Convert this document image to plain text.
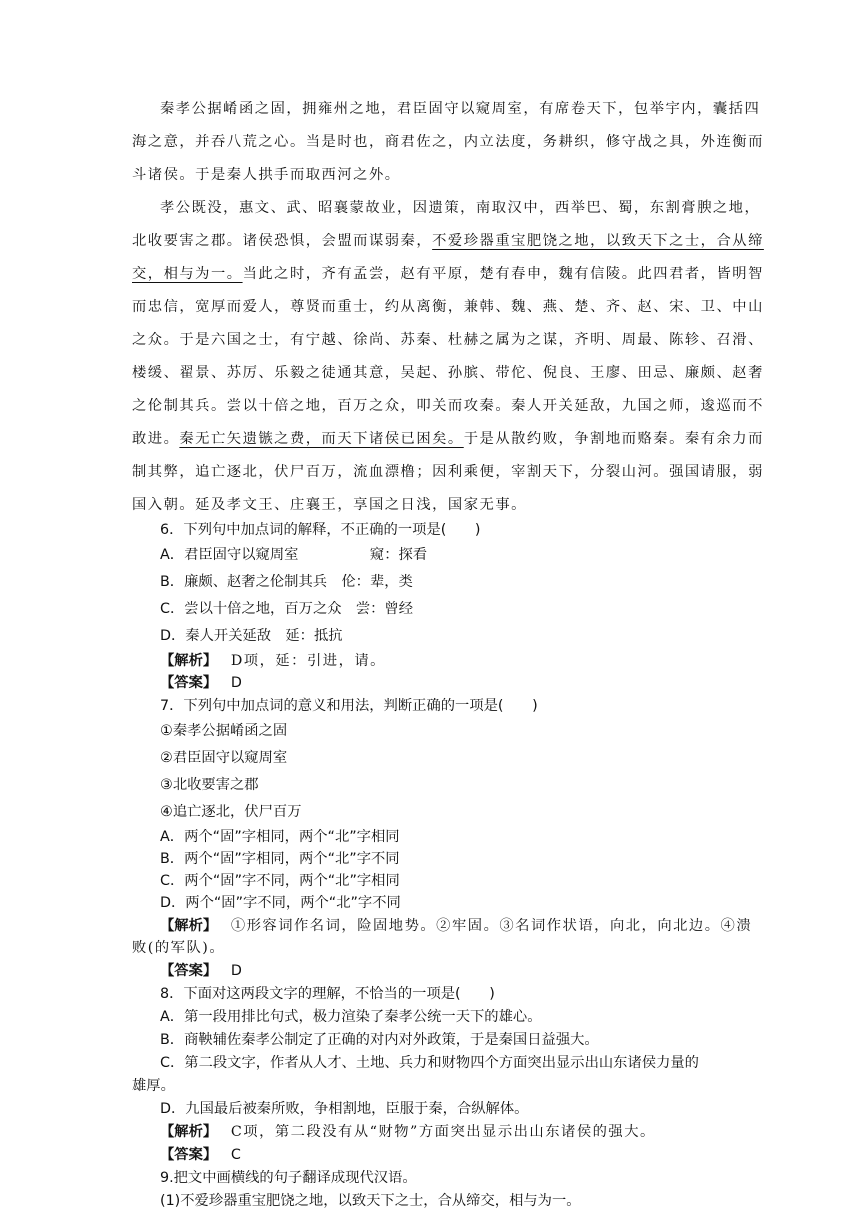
秦孝公据崤函之固，拥雍州之地，君臣固守以窥周室，有席卷天下，包举宇内，囊括四
海之意，并吞八荒之心。当是时也，商君佐之，内立法度，务耕织，修守战之具，外连衡而
斗诸侯。于是秦人拱手而取西河之外。
孝公既没，惠文、武、昭襄蒙故业，因遗策，南取汉中，西举巴、蜀，东割膏腴之地，
北收要害之郡。诸侯恐惧，会盟而谋弱秦，不爱珍器重宝肥饶之地，以致天下之士，合从缔
交，相与为一。当此之时，齐有孟尝，赵有平原，楚有春申，魏有信陵。此四君者，皆明智
而忠信，宽厚而爱人，尊贤而重士，约从离衡，兼韩、魏、燕、楚、齐、赵、宋、卫、中山
之众。于是六国之士，有宁越、徐尚、苏秦、杜赫之属为之谋，齐明、周最、陈轸、召滑、
楼缓、翟景、苏厉、乐毅之徒通其意，吴起、孙膑、带佗、倪良、王廖、田忌、廉颇、赵奢
之伦制其兵。尝以十倍之地，百万之众，叩关而攻秦。秦人开关延敌，九国之师，逡巡而不
敢进。秦无亡矢遗镞之费，而天下诸侯已困矣。于是从散约败，争割地而赂秦。秦有余力而
制其弊，追亡逐北，伏尸百万，流血漂橹；因利乘便，宰割天下，分裂山河。强国请服，弱
国入朝。延及孝文王、庄襄王，享国之日浅，国家无事。
6．下列句中加点词的解释，不正确的一项是(　　)
A．君臣固守以窥周室　　　　　窥：探看
B．廉颇、赵奢之伦制其兵　伦：辈，类
C．尝以十倍之地，百万之众　尝：曾经
D．秦人开关延敌　延：抵抗
【解析】 D项，延：引进，请。
【答案】 D
7．下列句中加点词的意义和用法，判断正确的一项是(　　)
①秦孝公据崤函之固
②君臣固守以窥周室
③北收要害之郡
④追亡逐北，伏尸百万
A．两个“固”字相同，两个“北”字相同
B．两个“固”字相同，两个“北”字不同
C．两个“固”字不同，两个“北”字相同
D．两个“固”字不同，两个“北”字不同
【解析】 ①形容词作名词，险固地势。②牢固。③名词作状语，向北，向北边。④溃
败(的军队)。
【答案】 D
8．下面对这两段文字的理解，不恰当的一项是(　　)
A．第一段用排比句式，极力渲染了秦孝公统一天下的雄心。
B．商鞅辅佐秦孝公制定了正确的对内对外政策，于是秦国日益强大。
C．第二段文字，作者从人才、土地、兵力和财物四个方面突出显示出山东诸侯力量的
雄厚。
D．九国最后被秦所败，争相割地，臣服于秦，合纵解体。
【解析】 C项，第二段没有从“财物”方面突出显示出山东诸侯的强大。
【答案】 C
9.把文中画横线的句子翻译成现代汉语。
(1)不爱珍器重宝肥饶之地，以致天下之士，合从缔交，相与为一。
